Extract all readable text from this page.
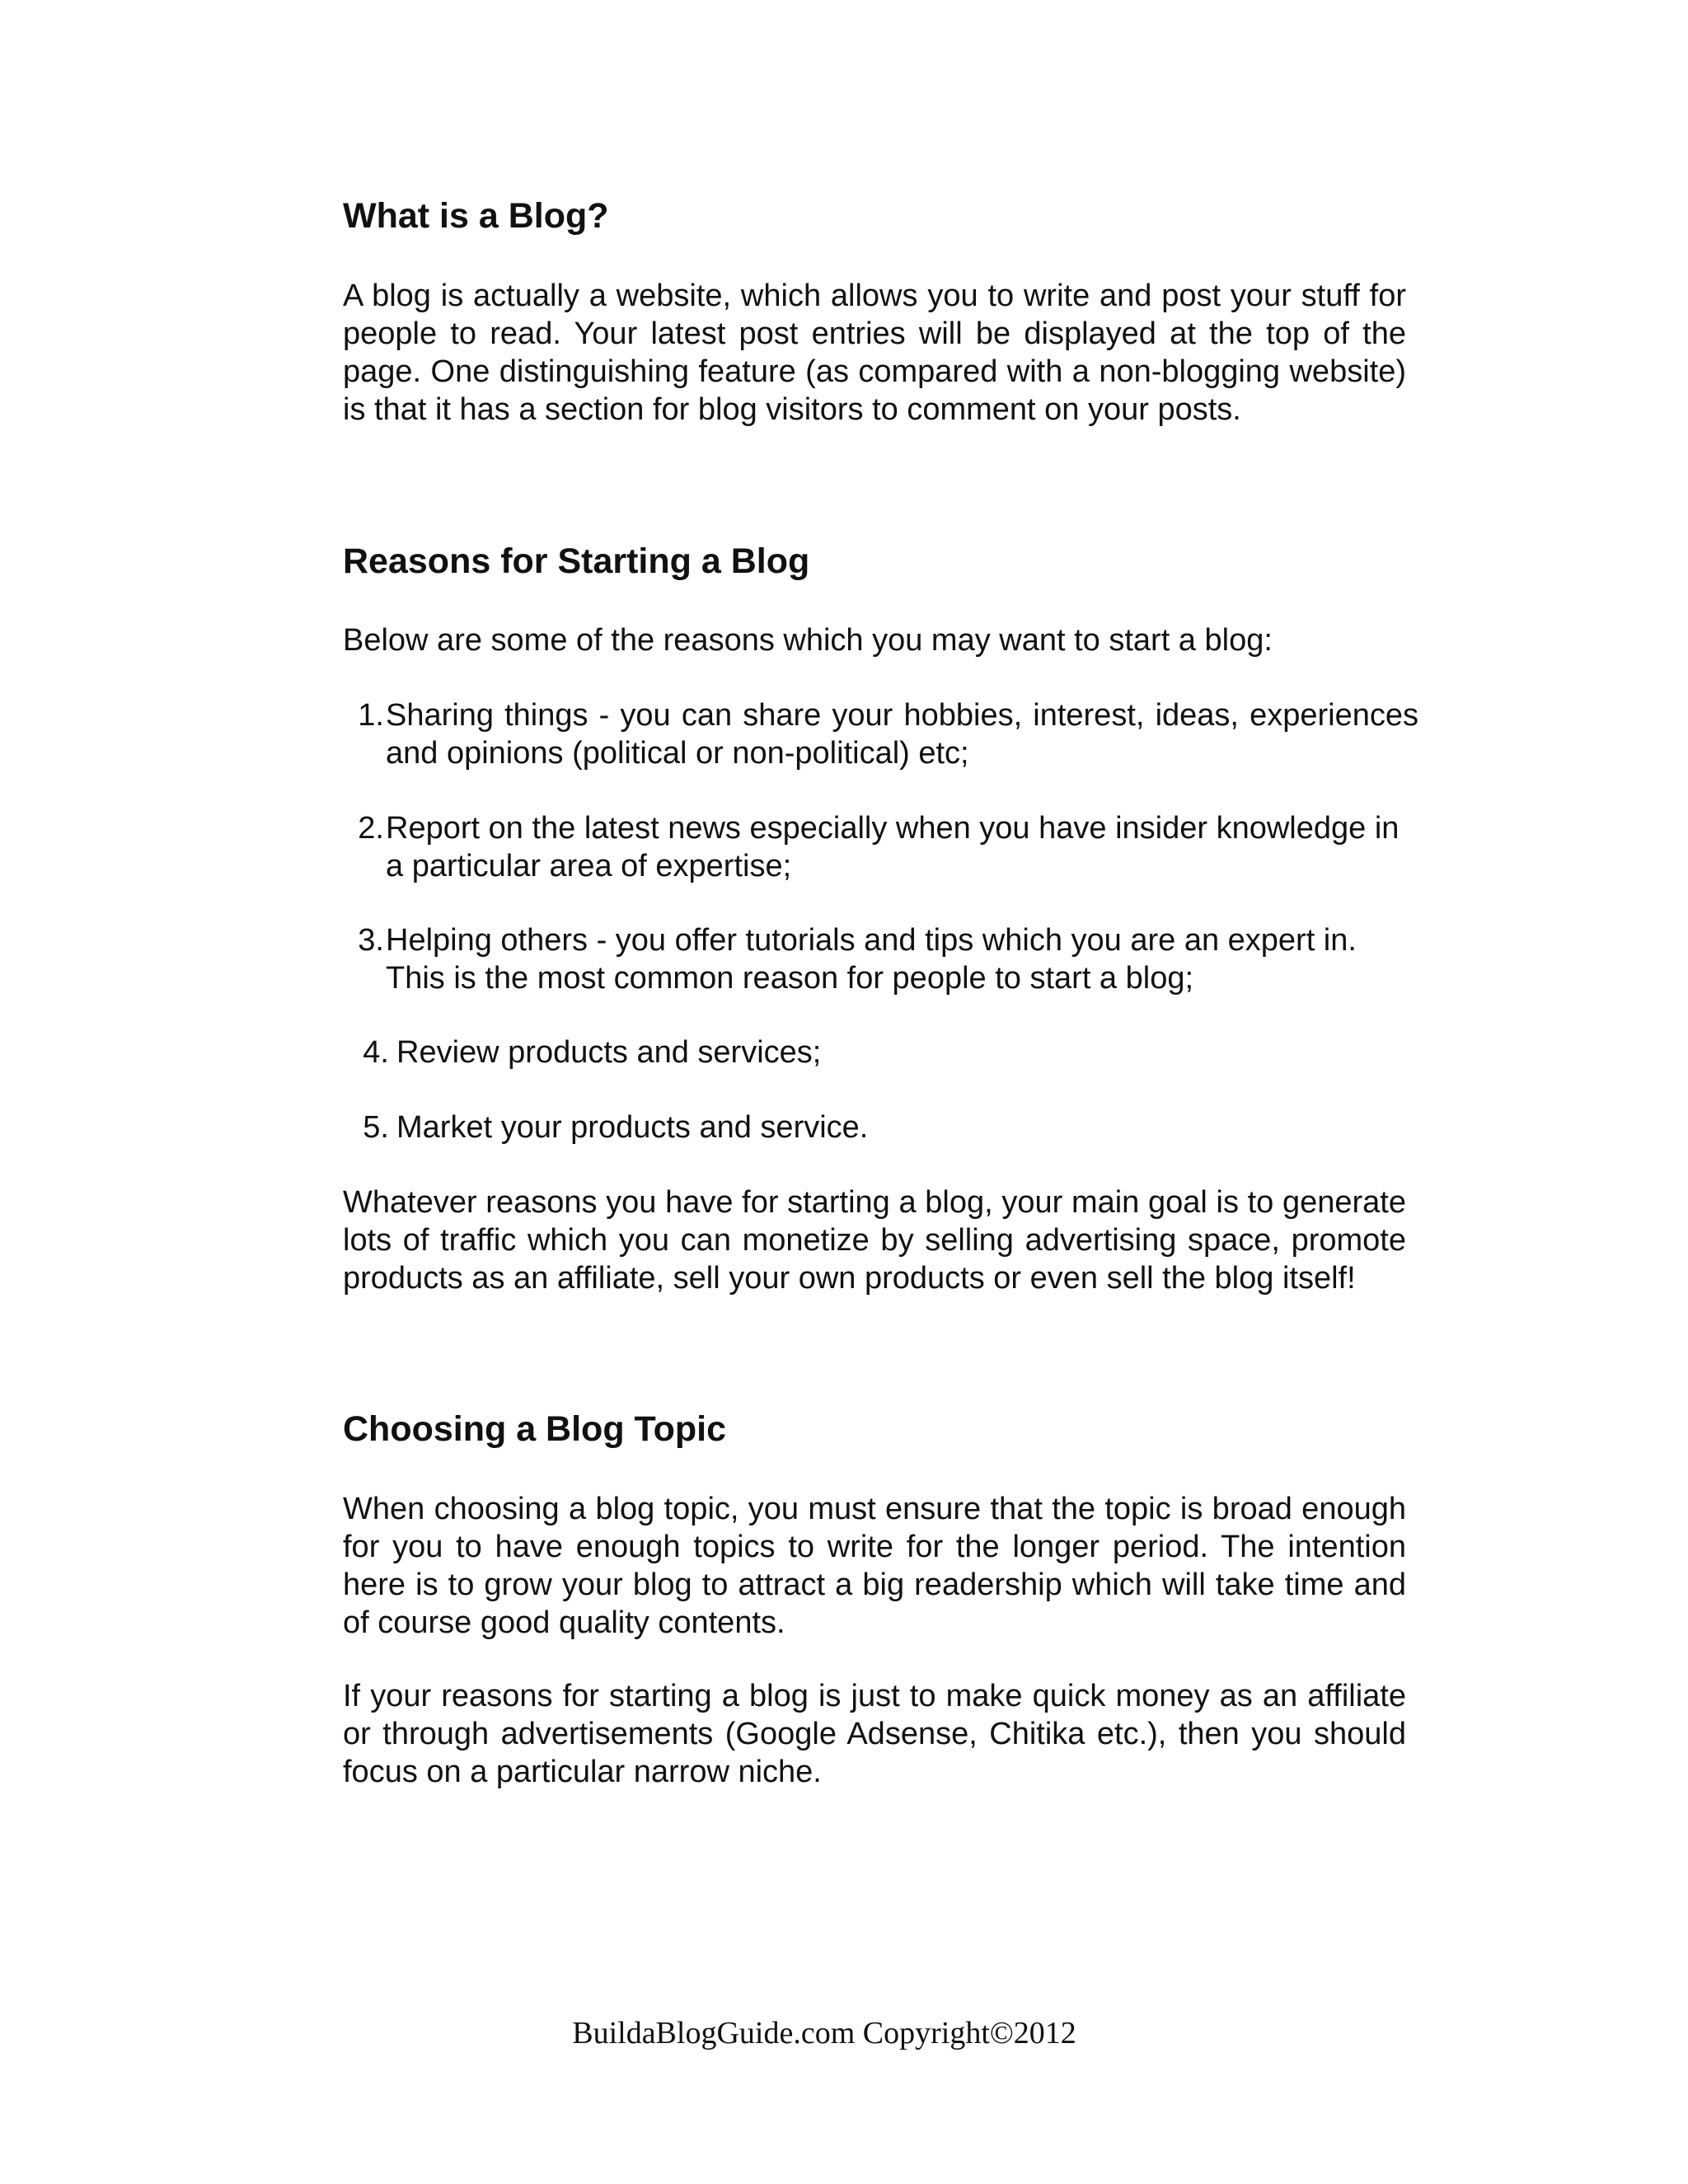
What is a Blog?

A blog is actually a website, which allows you to write and post your stuff for people to read. Your latest post entries will be displayed at the top of the page. One distinguishing feature (as compared with a non-blogging website) is that it has a section for blog visitors to comment on your posts.

Reasons for Starting a Blog

Below are some of the reasons which you may want to start a blog:

1. Sharing things - you can share your hobbies, interest, ideas, experiences and opinions (political or non-political) etc;
2. Report on the latest news especially when you have insider knowledge in a particular area of expertise;
3. Helping others - you offer tutorials and tips which you are an expert in. This is the most common reason for people to start a blog;
4. Review products and services;
5. Market your products and service.

Whatever reasons you have for starting a blog, your main goal is to generate lots of traffic which you can monetize by selling advertising space, promote products as an affiliate, sell your own products or even sell the blog itself!

Choosing a Blog Topic

When choosing a blog topic, you must ensure that the topic is broad enough for you to have enough topics to write for the longer period. The intention here is to grow your blog to attract a big readership which will take time and of course good quality contents.

If your reasons for starting a blog is just to make quick money as an affiliate or through advertisements (Google Adsense, Chitika etc.), then you should focus on a particular narrow niche.

BuildaBlogGuide.com Copyright©2012
